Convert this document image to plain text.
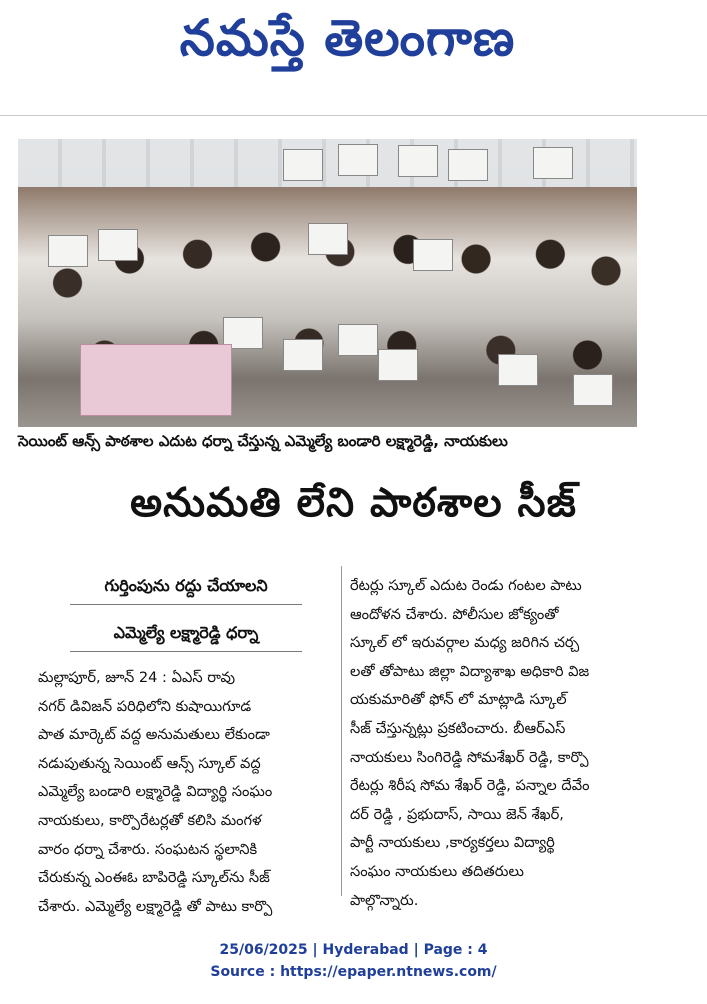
నమస్తే తెలంగాణ
సెయింట్ ఆన్స్ పాఠశాల ఎదుట ధర్నా చేస్తున్న ఎమ్మెల్యే బండారి లక్ష్మారెడ్డి, నాయకులు
అనుమతి లేని పాఠశాల సీజ్
గుర్తింపును రద్దు చేయాలని
ఎమ్మెల్యే లక్ష్మారెడ్డి ధర్నా
మల్లాపూర్, జూన్ 24 : ఏఎస్ రావు
నగర్ డివిజన్ పరిధిలోని కుషాయిగూడ
పాత మార్కెట్ వద్ద అనుమతులు లేకుండా
నడుపుతున్న సెయింట్ ఆన్స్ స్కూల్ వద్ద
ఎమ్మెల్యే బండారి లక్ష్మారెడ్డి విద్యార్థి సంఘం
నాయకులు, కార్పొరేటర్లతో కలిసి మంగళ
వారం ధర్నా చేశారు. సంఘటన స్థలానికి
చేరుకున్న ఎంఈఓ బాపిరెడ్డి స్కూల్‌ను సీజ్
చేశారు. ఎమ్మెల్యే లక్ష్మారెడ్డి తో పాటు కార్పొ
రేటర్లు స్కూల్ ఎదుట రెండు గంటల పాటు
ఆందోళన చేశారు. పోలీసుల జోక్యంతో
స్కూల్ లో ఇరువర్గాల మధ్య జరిగిన చర్చ
లతో తోపాటు జిల్లా విద్యాశాఖ అధికారి విజ
యకుమారితో ఫోన్ లో మాట్లాడి స్కూల్
సీజ్ చేస్తున్నట్లు ప్రకటించారు. బీఆర్ఎస్
నాయకులు సింగిరెడ్డి సోమశేఖర్ రెడ్డి, కార్పొ
రేటర్లు శిరీష సోమ శేఖర్ రెడ్డి, పన్నాల దేవేం
దర్ రెడ్డి , ప్రభుదాస్, సాయి జెన్ శేఖర్,
పార్టీ నాయకులు ,కార్యకర్తలు విద్యార్థి
సంఘం నాయకులు తదితరులు
పాల్గొన్నారు.
25/06/2025 | Hyderabad | Page : 4
Source : https://epaper.ntnews.com/
